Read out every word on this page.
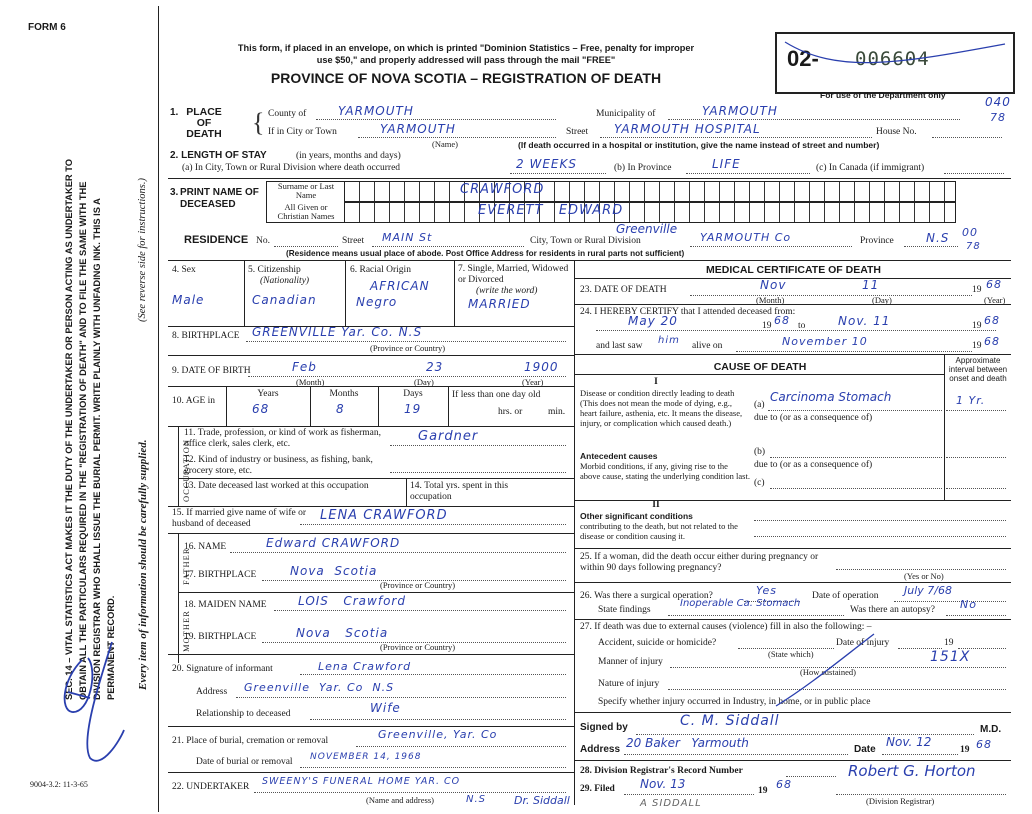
FORM 6
SEC. 14 – VITAL STATISTICS ACT MAKES IT THE DUTY OF THE UNDERTAKER OR PERSON ACTING AS UNDERTAKER TO OBTAIN ALL THE PARTICULARS REQUIRED IN THE "REGISTRATION OF DEATH" AND TO FILE THE SAME WITH THE DIVISION REGISTRAR WHO SHALL ISSUE THE BURIAL PERMIT. WRITE PLAINLY WITH UNFADING INK. THIS IS A PERMANENT RECORD. Every item of information should be carefully supplied.
(See reverse side for instructions.)
9004-3.2: 11-3-65
This form, if placed in an envelope, on which is printed "Dominion Statistics – Free, penalty for improper
use $50," and properly addressed will pass through the mail "FREE"
PROVINCE OF NOVA SCOTIA – REGISTRATION OF DEATH
02- 006604
For use of the Department only	040
78
1. PLACE OF DEATH	{ County of	YARMOUTH	Municipality of	YARMOUTH
If in City or Town	YARMOUTH
(Name)
Street YARMOUTH HOSPITAL	House No.
(If death occurred in a hospital or institution, give the name instead of street and number)
2. LENGTH OF STAY	(in years, months and days)
(a) In City, Town or Rural Division where death occurred	2 WEEKS	(b) In Province	LIFE	(c) In Canada (if immigrant)
3. PRINT NAME OF DECEASED
Surname or Last Name
All Given or Christian Names
CRAWFORD
EVERETT   EDWARD
RESIDENCE No.	Street MAIN St	City, Town or Rural Division
Greenville
YARMOUTH Co	Province	N.S 00
78
(Residence means usual place of abode. Post Office Address for residents in rural parts not sufficient)
4. Sex
Male
5. Citizenship
(Nationality)
Canadian
6. Racial Origin
AFRICAN
Negro
7. Single, Married, Widowed or Divorced
(write the word)
MARRIED
8. BIRTHPLACE GREENVILLE Yar. Co. N.S
(Province or Country)
9. DATE OF BIRTH	Feb	23	1900
(Month)	(Day)	(Year)
10. AGE in
Years
68
Months
8
Days
19
If less than one day old
hrs. or	min.
OCCUPATION
11. Trade, profession, or kind of work as fisherman, office clerk, sales clerk, etc.	Gardner
12. Kind of industry or business, as fishing, bank, grocery store, etc.
13. Date deceased last worked at this occupation	14. Total yrs. spent in this occupation
15. If married give name of wife or husband of deceased
LENA CRAWFORD
FATHER
16. NAME	Edward CRAWFORD
17. BIRTHPLACE	Nova  Scotia
(Province or Country)
MOTHER
18. MAIDEN NAME	LOIS   Crawford
19. BIRTHPLACE	Nova   Scotia
(Province or Country)
20. Signature of informant	Lena Crawford
Address Greenville  Yar. Co  N.S
Relationship to deceased	Wife
21. Place of burial, cremation or removal	Greenville, Yar. Co
Date of burial or removal NOVEMBER 14, 1968
22. UNDERTAKER SWEENY'S FUNERAL HOME YAR. CO
(Name and address)	N.S	Dr. Siddall	A SIDDALL
MEDICAL CERTIFICATE OF DEATH
23. DATE OF DEATH	Nov	11	19 68
(Month)	(Day)	(Year)
24. I HEREBY CERTIFY that I attended deceased from:
May 20	19 68 to	Nov. 11	19 68
and last saw him alive on	November 10	19 68
CAUSE OF DEATH
Approximate interval between onset and death
I
Disease or condition directly leading to death (This does not mean the mode of dying, e.g., heart failure, asthenia, etc. It means the disease, injury, or complication which caused death.)
(a)
Carcinoma Stomach	1 Yr.
due to (or as a consequence of)
Antecedent causes
Morbid conditions, if any, giving rise to the above cause, stating the underlying condition last.
(b)
due to (or as a consequence of)
(c)
II
Other significant conditions
contributing to the death, but not related to the disease or condition causing it.
25. If a woman, did the death occur either during pregnancy or within 90 days following pregnancy?
(Yes or No)
26. Was there a surgical operation?	Yes	Date of operation July 7/68
State findings
Inoperable Ca. Stomach
Was there an autopsy? No
27. If death was due to external causes (violence) fill in also the following: –
Accident, suicide or homicide?
(State which)
Date of injury	19
Manner of injury
(How sustained)
151X
Nature of injury
Specify whether injury occurred in Industry, in home, or in public place
Signed by	C. M. Siddall
M.D.
Address 20 Baker   Yarmouth	Date
Nov. 12
19 68
28. Division Registrar's Record Number
29. Filed Nov. 13	19 68
Robert G. Horton
(Division Registrar)
